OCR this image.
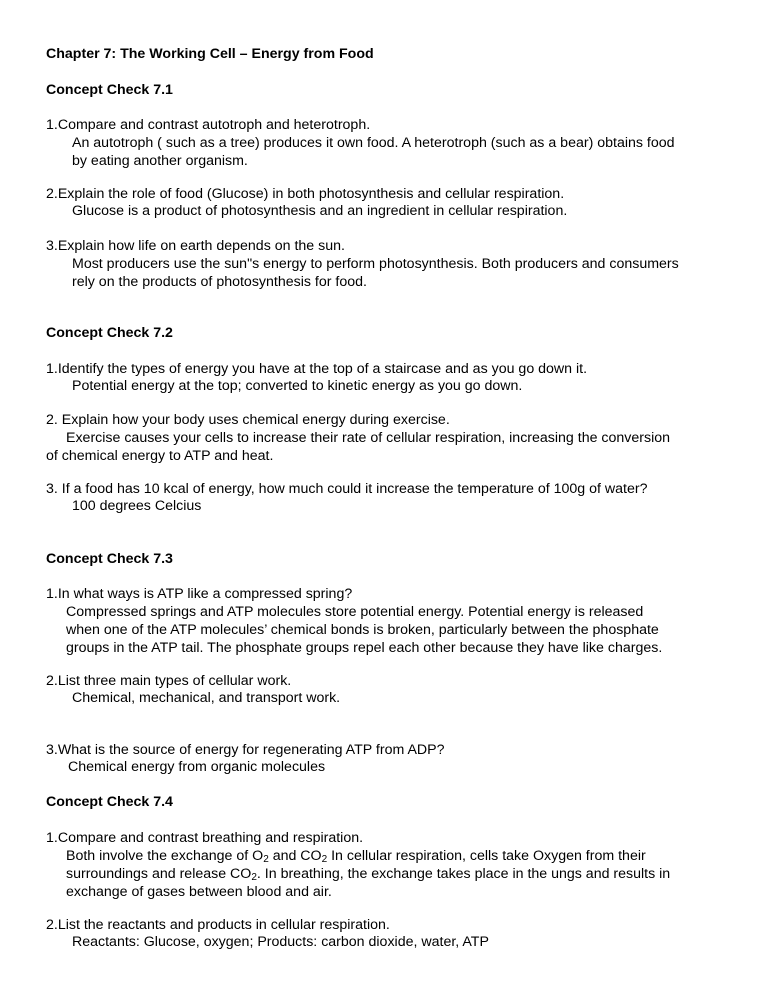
Chapter 7: The Working Cell – Energy from Food
Concept Check 7.1
1.Compare and contrast autotroph and heterotroph.
An autotroph ( such as a tree) produces it own food. A heterotroph (such as a bear) obtains food
by eating another organism.
2.Explain the role of food (Glucose) in both photosynthesis and cellular respiration.
Glucose is a product of photosynthesis and an ingredient in cellular respiration.
3.Explain how life on earth depends on the sun.
Most producers use the sun"s energy to perform photosynthesis. Both producers and consumers
rely on the products of photosynthesis for food.
Concept Check 7.2
1.Identify the types of energy you have at the top of a staircase and as you go down it.
Potential energy at the top; converted to kinetic energy as you go down.
2. Explain how your body uses chemical energy during exercise.
Exercise causes your cells to increase their rate of cellular respiration, increasing the conversion
of chemical energy to ATP and heat.
3. If a food has 10 kcal of energy, how much could it increase the temperature of 100g of water?
100 degrees Celcius
Concept Check 7.3
1.In what ways is ATP like a compressed spring?
Compressed springs and ATP molecules store potential energy. Potential energy is released
when one of the ATP molecules’ chemical bonds is broken, particularly between the phosphate
groups in the ATP tail. The phosphate groups repel each other because they have like charges.
2.List three main types of cellular work.
Chemical, mechanical, and transport work.
3.What is the source of energy for regenerating ATP from ADP?
Chemical energy from organic molecules
Concept Check 7.4
1.Compare and contrast breathing and respiration.
Both involve the exchange of $O_2$ and $CO_2$ In cellular respiration, cells take Oxygen from their
surroundings and release $CO_2$. In breathing, the exchange takes place in the ungs and results in
exchange of gases between blood and air.
2.List the reactants and products in cellular respiration.
Reactants: Glucose, oxygen; Products: carbon dioxide, water, ATP
